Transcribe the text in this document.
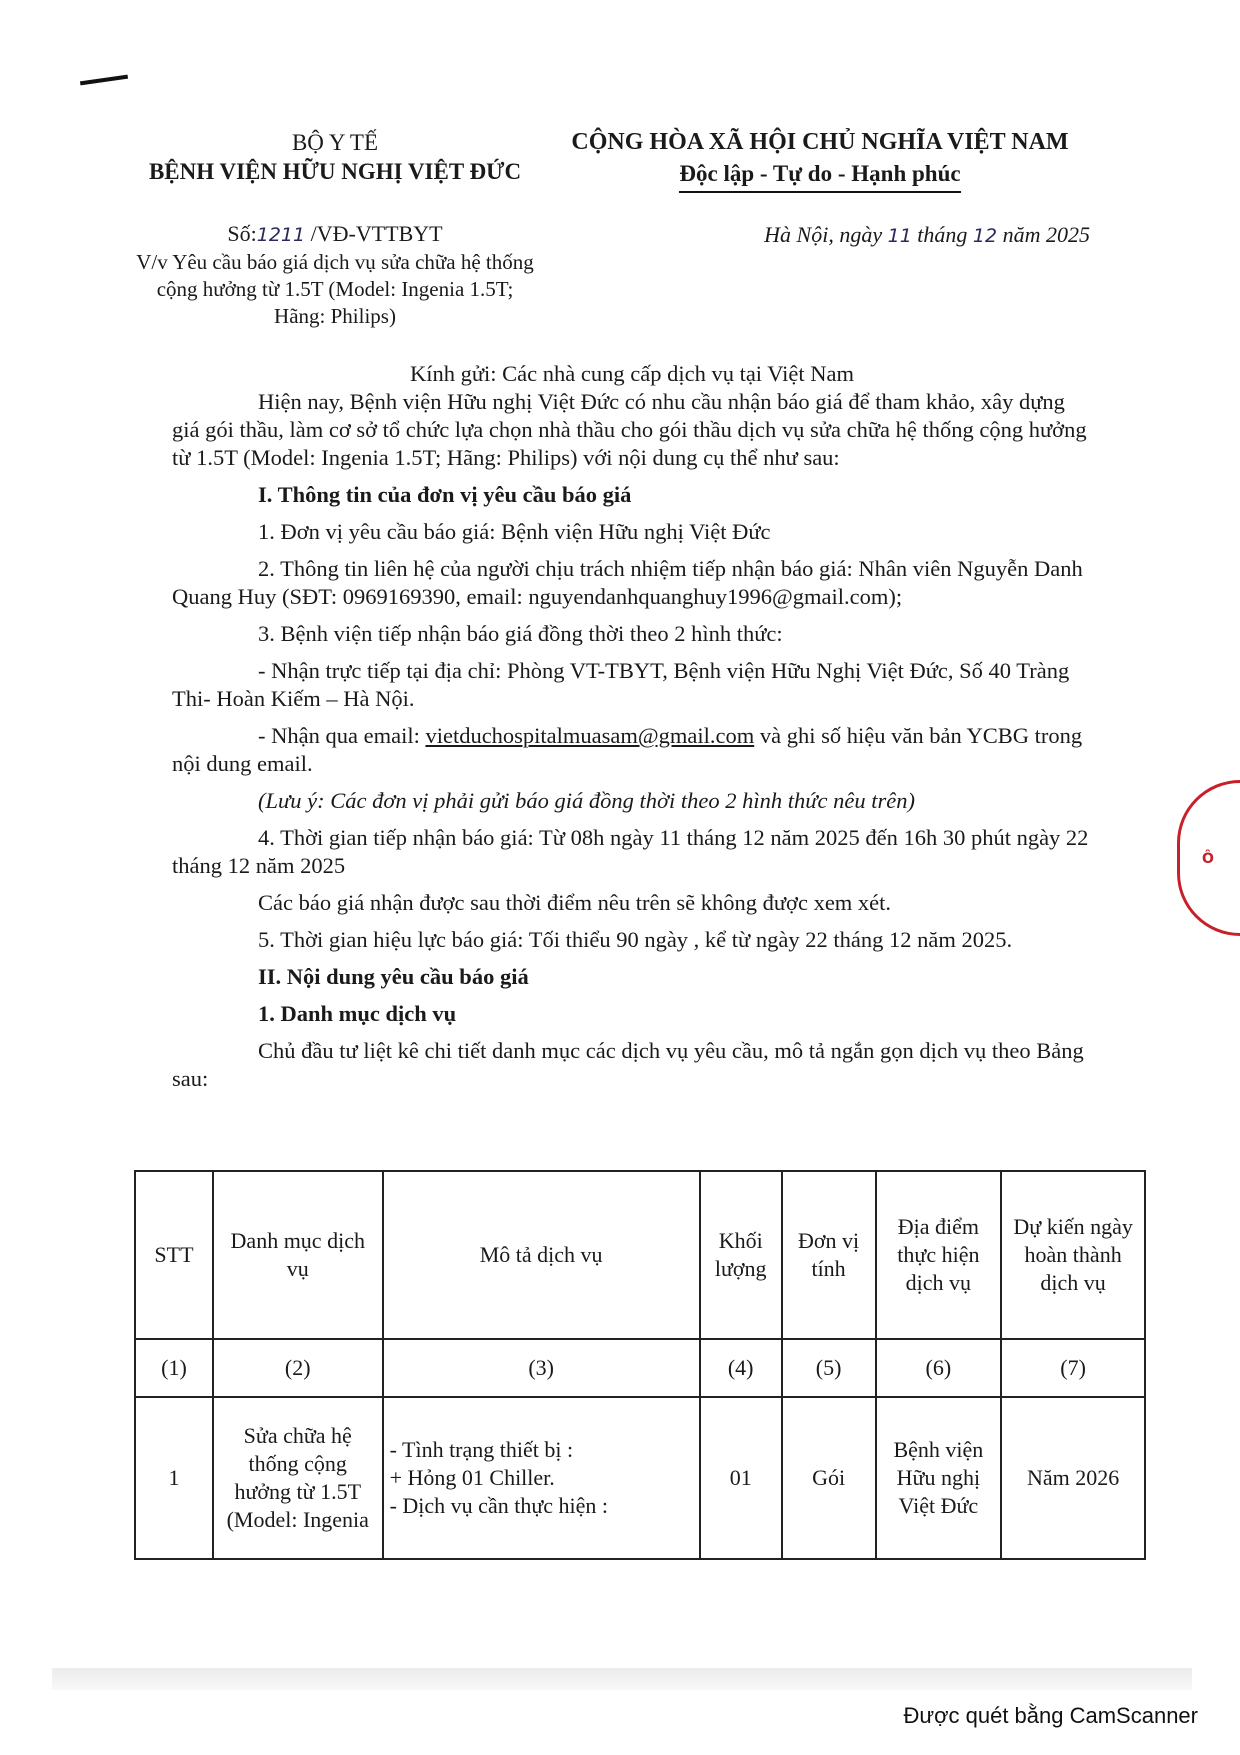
BỘ Y TẾ
BỆNH VIỆN HỮU NGHỊ VIỆT ĐỨC
CỘNG HÒA XÃ HỘI CHỦ NGHĨA VIỆT NAM
Độc lập - Tự do - Hạnh phúc
Số:1211 /VĐ-VTTBYT
V/v Yêu cầu báo giá dịch vụ sửa chữa hệ thống cộng hưởng từ 1.5T (Model: Ingenia 1.5T; Hãng: Philips)
Hà Nội, ngày 11 tháng 12 năm 2025

Kính gửi: Các nhà cung cấp dịch vụ tại Việt Nam

Hiện nay, Bệnh viện Hữu nghị Việt Đức có nhu cầu nhận báo giá để tham khảo, xây dựng giá gói thầu, làm cơ sở tổ chức lựa chọn nhà thầu cho gói thầu dịch vụ sửa chữa hệ thống cộng hưởng từ 1.5T (Model: Ingenia 1.5T; Hãng: Philips) với nội dung cụ thể như sau:

I. Thông tin của đơn vị yêu cầu báo giá

1. Đơn vị yêu cầu báo giá: Bệnh viện Hữu nghị Việt Đức

2. Thông tin liên hệ của người chịu trách nhiệm tiếp nhận báo giá: Nhân viên Nguyễn Danh Quang Huy (SĐT: 0969169390, email: nguyendanhquanghuy1996@gmail.com);

3. Bệnh viện tiếp nhận báo giá đồng thời theo 2 hình thức:

- Nhận trực tiếp tại địa chỉ: Phòng VT-TBYT, Bệnh viện Hữu Nghị Việt Đức, Số 40 Tràng Thi- Hoàn Kiếm – Hà Nội.

- Nhận qua email: vietduchospitalmuasam@gmail.com và ghi số hiệu văn bản YCBG trong nội dung email.

(Lưu ý: Các đơn vị phải gửi báo giá đồng thời theo 2 hình thức nêu trên)

4. Thời gian tiếp nhận báo giá: Từ 08h ngày 11 tháng 12 năm 2025 đến 16h 30 phút ngày 22 tháng 12 năm 2025

Các báo giá nhận được sau thời điểm nêu trên sẽ không được xem xét.

5. Thời gian hiệu lực báo giá: Tối thiểu 90 ngày , kể từ ngày 22 tháng 12 năm 2025.

II. Nội dung yêu cầu báo giá

1. Danh mục dịch vụ

Chủ đầu tư liệt kê chi tiết danh mục các dịch vụ yêu cầu, mô tả ngắn gọn dịch vụ theo Bảng sau:

STT	Danh mục dịch vụ	Mô tả dịch vụ	Khối lượng	Đơn vị tính	Địa điểm thực hiện dịch vụ	Dự kiến ngày hoàn thành dịch vụ
(1)	(2)	(3)	(4)	(5)	(6)	(7)
1	Sửa chữa hệ thống cộng hưởng từ 1.5T (Model: Ingenia	- Tình trạng thiết bị :
+ Hỏng 01 Chiller.
- Dịch vụ cần thực hiện :	01	Gói	Bệnh viện Hữu nghị Việt Đức	Năm 2026
Ô
Được quét bằng CamScanner
